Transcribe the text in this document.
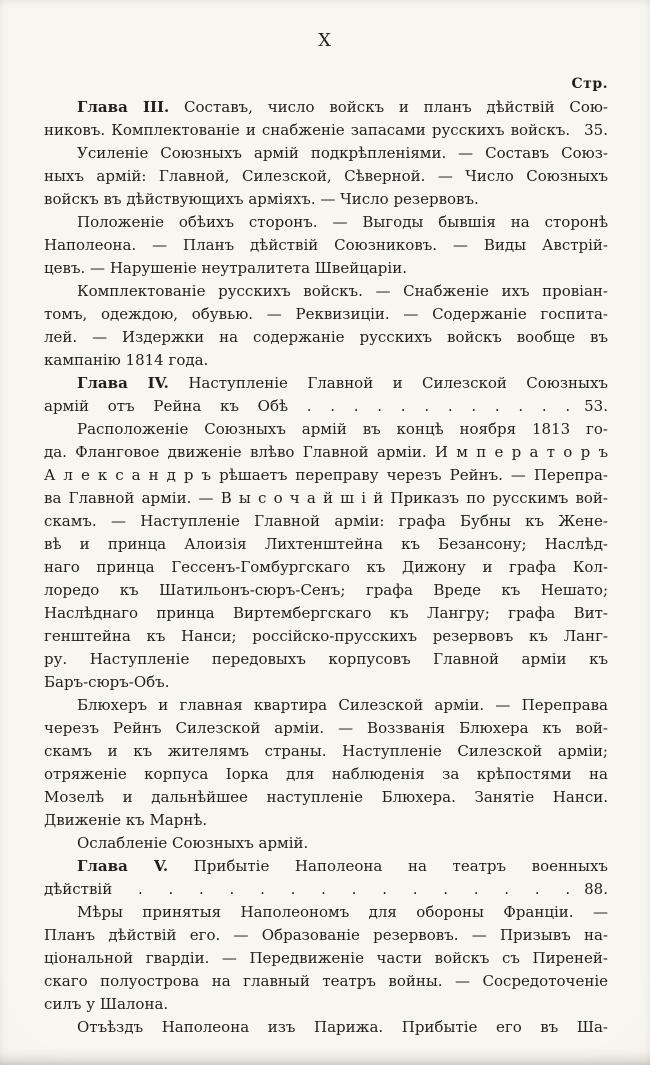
X
Стр.
Глава III. Составъ, число войскъ и планъ дѣйствій Сою-
никовъ. Комплектованіе и снабженіе запасами русскихъ войскъ. 35.
Усиленіе Союзныхъ армій подкрѣпленіями. — Составъ Союз-
ныхъ армій: Главной, Силезской, Сѣверной. — Число Союзныхъ
войскъ въ дѣйствующихъ арміяхъ. — Число резервовъ.
Положеніе обѣихъ сторонъ. — Выгоды бывшія на сторонѣ
Наполеона. — Планъ дѣйствій Союзниковъ. — Виды Австрій-
цевъ. — Нарушеніе неутралитета Швейцаріи.
Комплектованіе русскихъ войскъ. — Снабженіе ихъ провіан-
томъ, одеждою, обувью. — Реквизиціи. — Содержаніе госпита-
лей. — Издержки на содержаніе русскихъ войскъ вообще въ
кампанію 1814 года.
Глава IV. Наступленіе Главной и Силезской Союзныхъ
армій отъ Рейна къ Обѣ . . . . . . . . . . . . 53.
Расположеніе Союзныхъ армій въ концѣ ноября 1813 го-
да. Фланговое движеніе влѣво Главной арміи. И м п е р а т о р ъ
А л е к с а н д р ъ рѣшаетъ переправу черезъ Рейнъ. — Перепра-
ва Главной арміи. — В ы с о ч а й ш і й Приказъ по русскимъ вой-
скамъ. — Наступленіе Главной арміи: графа Бубны къ Жене-
вѣ и принца Алоизія Лихтенштейна къ Безансону; Наслѣд-
наго принца Гессенъ-Гомбургскаго къ Дижону и графа Кол-
лоредо къ Шатильонъ-сюръ-Сенъ; графа Вреде къ Нешато;
Наслѣднаго принца Виртембергскаго къ Лангру; графа Вит-
генштейна къ Нанси; россійско-прусскихъ резервовъ къ Ланг-
ру. Наступленіе передовыхъ корпусовъ Главной арміи къ
Баръ-сюръ-Объ.
Блюхеръ и главная квартира Силезской арміи. — Переправа
черезъ Рейнъ Силезской арміи. — Воззванія Блюхера къ вой-
скамъ и къ жителямъ страны. Наступленіе Силезской арміи;
отряженіе корпуса Іорка для наблюденія за крѣпостями на
Мозелѣ и дальнѣйшее наступленіе Блюхера. Занятіе Нанси.
Движеніе къ Марнѣ.
Ослабленіе Союзныхъ армій.
Глава V. Прибытіе Наполеона на театръ военныхъ
дѣйствій . . . . . . . . . . . . . . . 88.
Мѣры принятыя Наполеономъ для обороны Франціи. —
Планъ дѣйствій его. — Образованіе резервовъ. — Призывъ на-
ціональной гвардіи. — Передвиженіе части войскъ съ Пиреней-
скаго полуострова на главный театръ войны. — Сосредоточеніе
силъ у Шалона.
Отъѣздъ Наполеона изъ Парижа. Прибытіе его въ Ша-
